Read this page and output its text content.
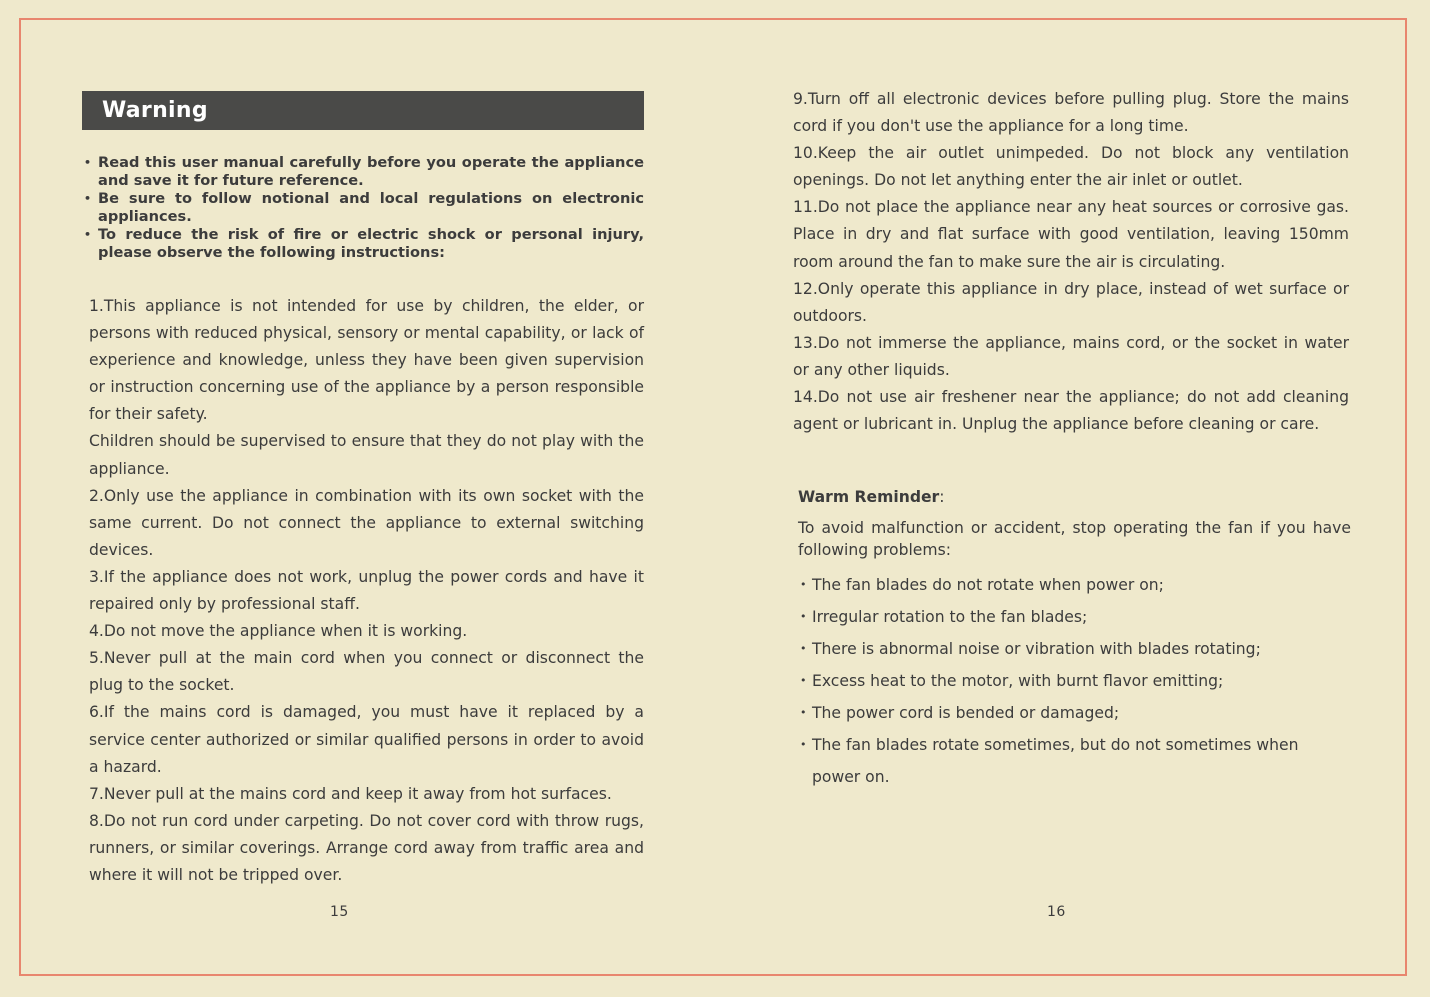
Warning
• Read this user manual carefully before you operate the appliance and save it for future reference.
• Be sure to follow notional and local regulations on electronic appliances.
• To reduce the risk of fire or electric shock or personal injury, please observe the following instructions:

1.This appliance is not intended for use by children, the elder, or persons with reduced physical, sensory or mental capability, or lack of experience and knowledge, unless they have been given supervision or instruction concerning use of the appliance by a person responsible for their safety.

Children should be supervised to ensure that they do not play with the appliance.

2.Only use the appliance in combination with its own socket with the same current. Do not connect the appliance to external switching devices.

3.If the appliance does not work, unplug the power cords and have it repaired only by professional staff.

4.Do not move the appliance when it is working.

5.Never pull at the main cord when you connect or disconnect the plug to the socket.

6.If the mains cord is damaged, you must have it replaced by a service center authorized or similar qualified persons in order to avoid a hazard.

7.Never pull at the mains cord and keep it away from hot surfaces.

8.Do not run cord under carpeting. Do not cover cord with throw rugs, runners, or similar coverings. Arrange cord away from traffic area and where it will not be tripped over.

15

9.Turn off all electronic devices before pulling plug. Store the mains cord if you don't use the appliance for a long time.

10.Keep the air outlet unimpeded. Do not block any ventilation openings. Do not let anything enter the air inlet or outlet.

11.Do not place the appliance near any heat sources or corrosive gas. Place in dry and flat surface with good ventilation, leaving 150mm room around the fan to make sure the air is circulating.

12.Only operate this appliance in dry place, instead of wet surface or outdoors.

13.Do not immerse the appliance, mains cord, or the socket in water or any other liquids.

14.Do not use air freshener near the appliance; do not add cleaning agent or lubricant in. Unplug the appliance before cleaning or care.

Warm Reminder:
To avoid malfunction or accident, stop operating the fan if you have following problems:
• The fan blades do not rotate when power on;
• Irregular rotation to the fan blades;
• There is abnormal noise or vibration with blades rotating;
• Excess heat to the motor, with burnt flavor emitting;
• The power cord is bended or damaged;
• The fan blades rotate sometimes, but do not sometimes when power on.
16
